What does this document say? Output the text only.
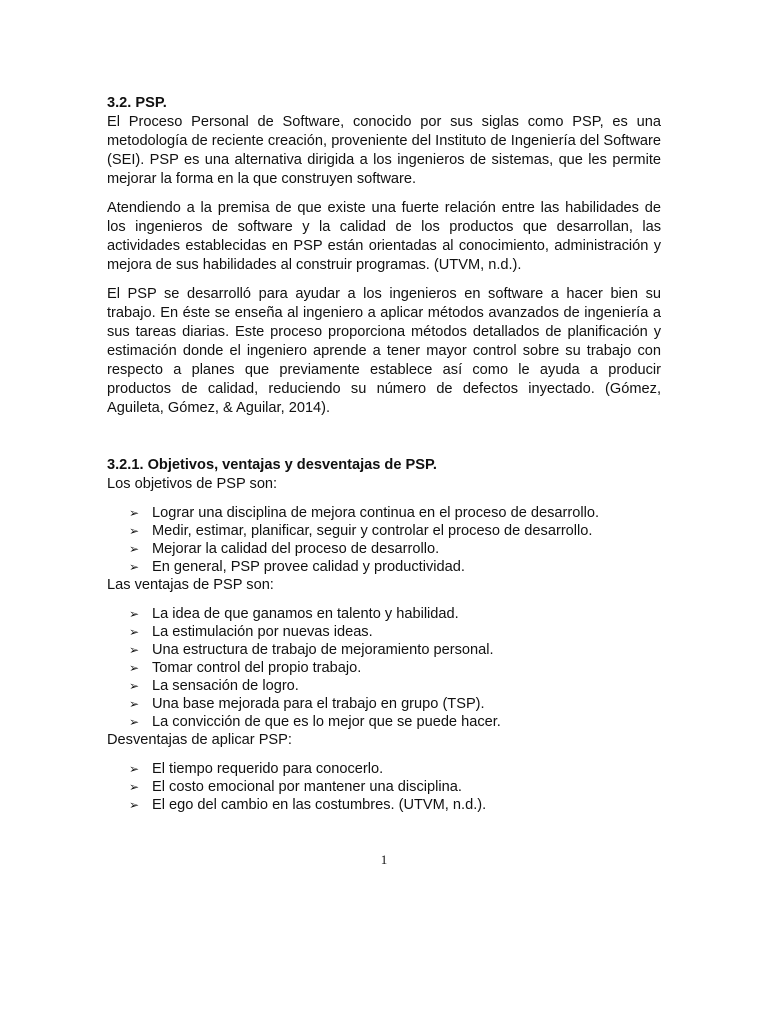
3.2. PSP.

El Proceso Personal de Software, conocido por sus siglas como PSP, es una metodología de reciente creación, proveniente del Instituto de Ingeniería del Software (SEI). PSP es una alternativa dirigida a los ingenieros de sistemas, que les permite mejorar la forma en la que construyen software.

Atendiendo a la premisa de que existe una fuerte relación entre las habilidades de los ingenieros de software y la calidad de los productos que desarrollan, las actividades establecidas en PSP están orientadas al conocimiento, administración y mejora de sus habilidades al construir programas. (UTVM, n.d.).

El PSP se desarrolló para ayudar a los ingenieros en software a hacer bien su trabajo. En éste se enseña al ingeniero a aplicar métodos avanzados de ingeniería a sus tareas diarias. Este proceso proporciona métodos detallados de planificación y estimación donde el ingeniero aprende a tener mayor control sobre su trabajo con respecto a planes que previamente establece así como le ayuda a producir productos de calidad, reduciendo su número de defectos inyectado. (Gómez, Aguileta, Gómez, & Aguilar, 2014).

3.2.1. Objetivos, ventajas y desventajas de PSP.

Los objetivos de PSP son:

➢ Lograr una disciplina de mejora continua en el proceso de desarrollo.
➢ Medir, estimar, planificar, seguir y controlar el proceso de desarrollo.
➢ Mejorar la calidad del proceso de desarrollo.
➢ En general, PSP provee calidad y productividad.

Las ventajas de PSP son:

➢ La idea de que ganamos en talento y habilidad.
➢ La estimulación por nuevas ideas.
➢ Una estructura de trabajo de mejoramiento personal.
➢ Tomar control del propio trabajo.
➢ La sensación de logro.
➢ Una base mejorada para el trabajo en grupo (TSP).
➢ La convicción de que es lo mejor que se puede hacer.

Desventajas de aplicar PSP:

➢ El tiempo requerido para conocerlo.
➢ El costo emocional por mantener una disciplina.
➢ El ego del cambio en las costumbres. (UTVM, n.d.).
1
